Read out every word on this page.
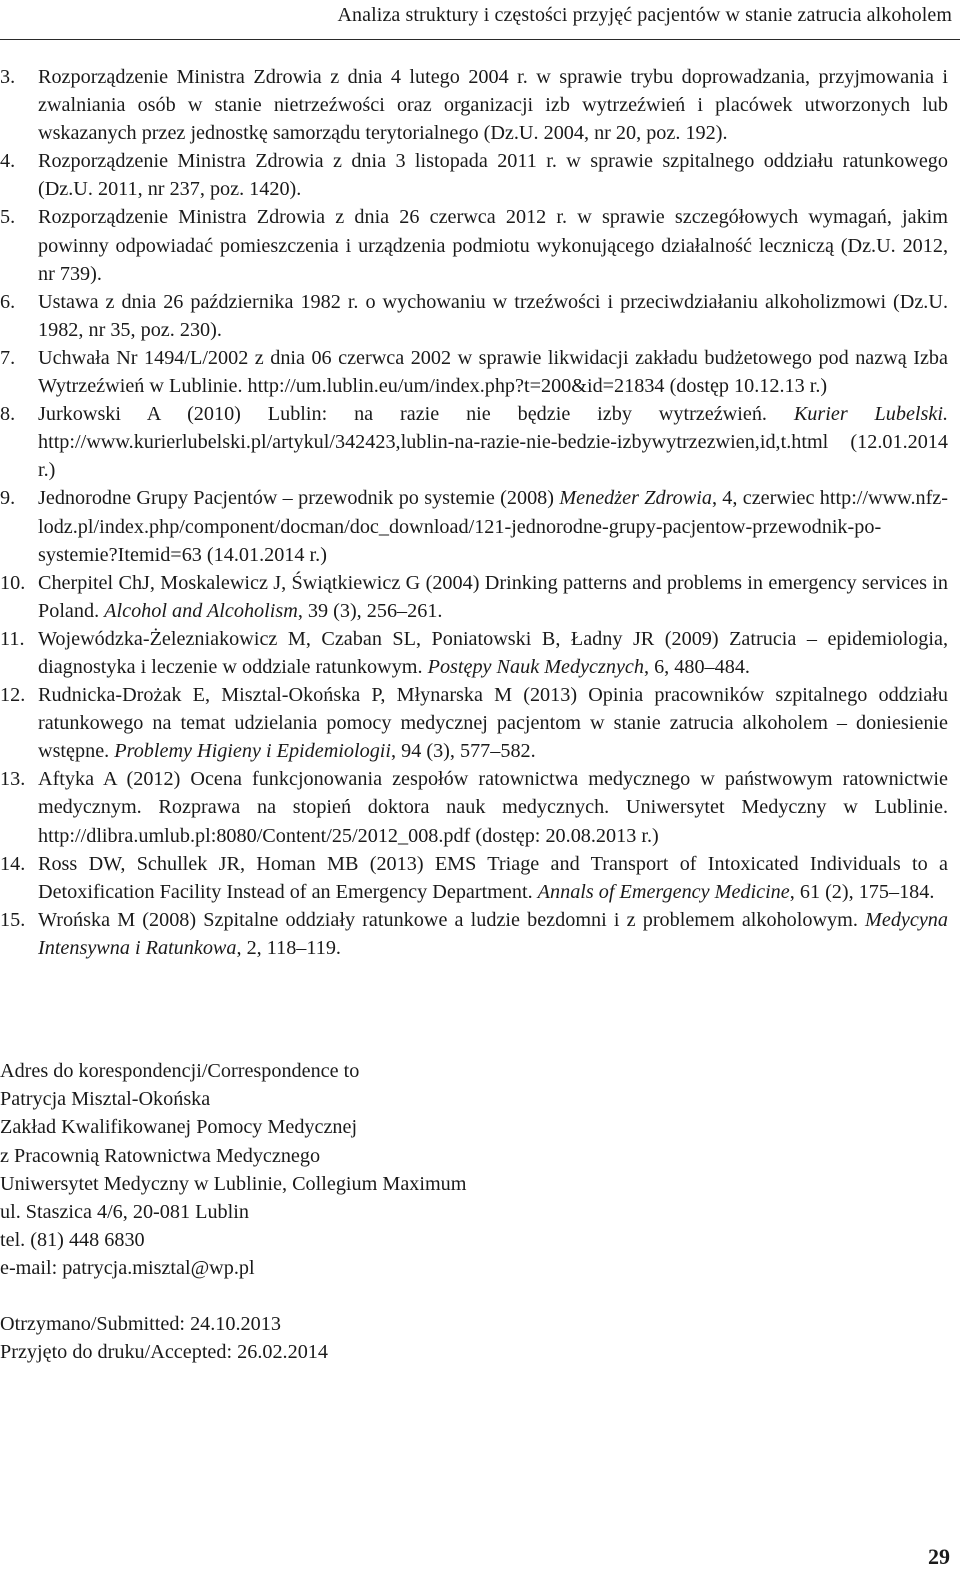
Analiza struktury i częstości przyjęć pacjentów w stanie zatrucia alkoholem
3. Rozporządzenie Ministra Zdrowia z dnia 4 lutego 2004 r. w sprawie trybu doprowadzania, przyjmowania i zwalniania osób w stanie nietrzeźwości oraz organizacji izb wytrzeźwień i placówek utworzonych lub wskazanych przez jednostkę samorządu terytorialnego (Dz.U. 2004, nr 20, poz. 192).
4. Rozporządzenie Ministra Zdrowia z dnia 3 listopada 2011 r. w sprawie szpitalnego oddziału ratunkowego (Dz.U. 2011, nr 237, poz. 1420).
5. Rozporządzenie Ministra Zdrowia z dnia 26 czerwca 2012 r. w sprawie szczegółowych wymagań, jakim powinny odpowiadać pomieszczenia i urządzenia podmiotu wykonującego działalność leczniczą (Dz.U. 2012, nr 739).
6. Ustawa z dnia 26 października 1982 r. o wychowaniu w trzeźwości i przeciwdziałaniu alkoholizmowi (Dz.U. 1982, nr 35, poz. 230).
7. Uchwała Nr 1494/L/2002 z dnia 06 czerwca 2002 w sprawie likwidacji zakładu budżetowego pod nazwą Izba Wytrzeźwień w Lublinie. http://um.lublin.eu/um/index.php?t=200&id=21834 (dostęp 10.12.13 r.)
8. Jurkowski A (2010) Lublin: na razie nie będzie izby wytrzeźwień. Kurier Lubelski. http://www.kurierlubelski.pl/artykul/342423,lublin-na-razie-nie-bedzie-izbywytrzezwien,id,t.html (12.01.2014 r.)
9. Jednorodne Grupy Pacjentów – przewodnik po systemie (2008) Menedżer Zdrowia, 4, czerwiec http://www.nfz-lodz.pl/index.php/component/docman/doc_download/121-jednorodne-grupy-pacjentow-przewodnik-po-systemie?Itemid=63 (14.01.2014 r.)
10. Cherpitel ChJ, Moskalewicz J, Świątkiewicz G (2004) Drinking patterns and problems in emergency services in Poland. Alcohol and Alcoholism, 39 (3), 256–261.
11. Wojewódzka-Żelezniakowicz M, Czaban SL, Poniatowski B, Ładny JR (2009) Zatrucia – epidemiologia, diagnostyka i leczenie w oddziale ratunkowym. Postępy Nauk Medycznych, 6, 480–484.
12. Rudnicka-Drożak E, Misztal-Okońska P, Młynarska M (2013) Opinia pracowników szpitalnego oddziału ratunkowego na temat udzielania pomocy medycznej pacjentom w stanie zatrucia alkoholem – doniesienie wstępne. Problemy Higieny i Epidemiologii, 94 (3), 577–582.
13. Aftyka A (2012) Ocena funkcjonowania zespołów ratownictwa medycznego w państwowym ratownictwie medycznym. Rozprawa na stopień doktora nauk medycznych. Uniwersytet Medyczny w Lublinie. http://dlibra.umlub.pl:8080/Content/25/2012_008.pdf (dostęp: 20.08.2013 r.)
14. Ross DW, Schullek JR, Homan MB (2013) EMS Triage and Transport of Intoxicated Individuals to a Detoxification Facility Instead of an Emergency Department. Annals of Emergency Medicine, 61 (2), 175–184.
15. Wrońska M (2008) Szpitalne oddziały ratunkowe a ludzie bezdomni i z problemem alkoholowym. Medycyna Intensywna i Ratunkowa, 2, 118–119.
Adres do korespondencji/Correspondence to
Patrycja Misztal-Okońska
Zakład Kwalifikowanej Pomocy Medycznej
z Pracownią Ratownictwa Medycznego
Uniwersytet Medyczny w Lublinie, Collegium Maximum
ul. Staszica 4/6, 20-081 Lublin
tel. (81) 448 6830
e-mail: patrycja.misztal@wp.pl
Otrzymano/Submitted: 24.10.2013
Przyjęto do druku/Accepted: 26.02.2014
29
